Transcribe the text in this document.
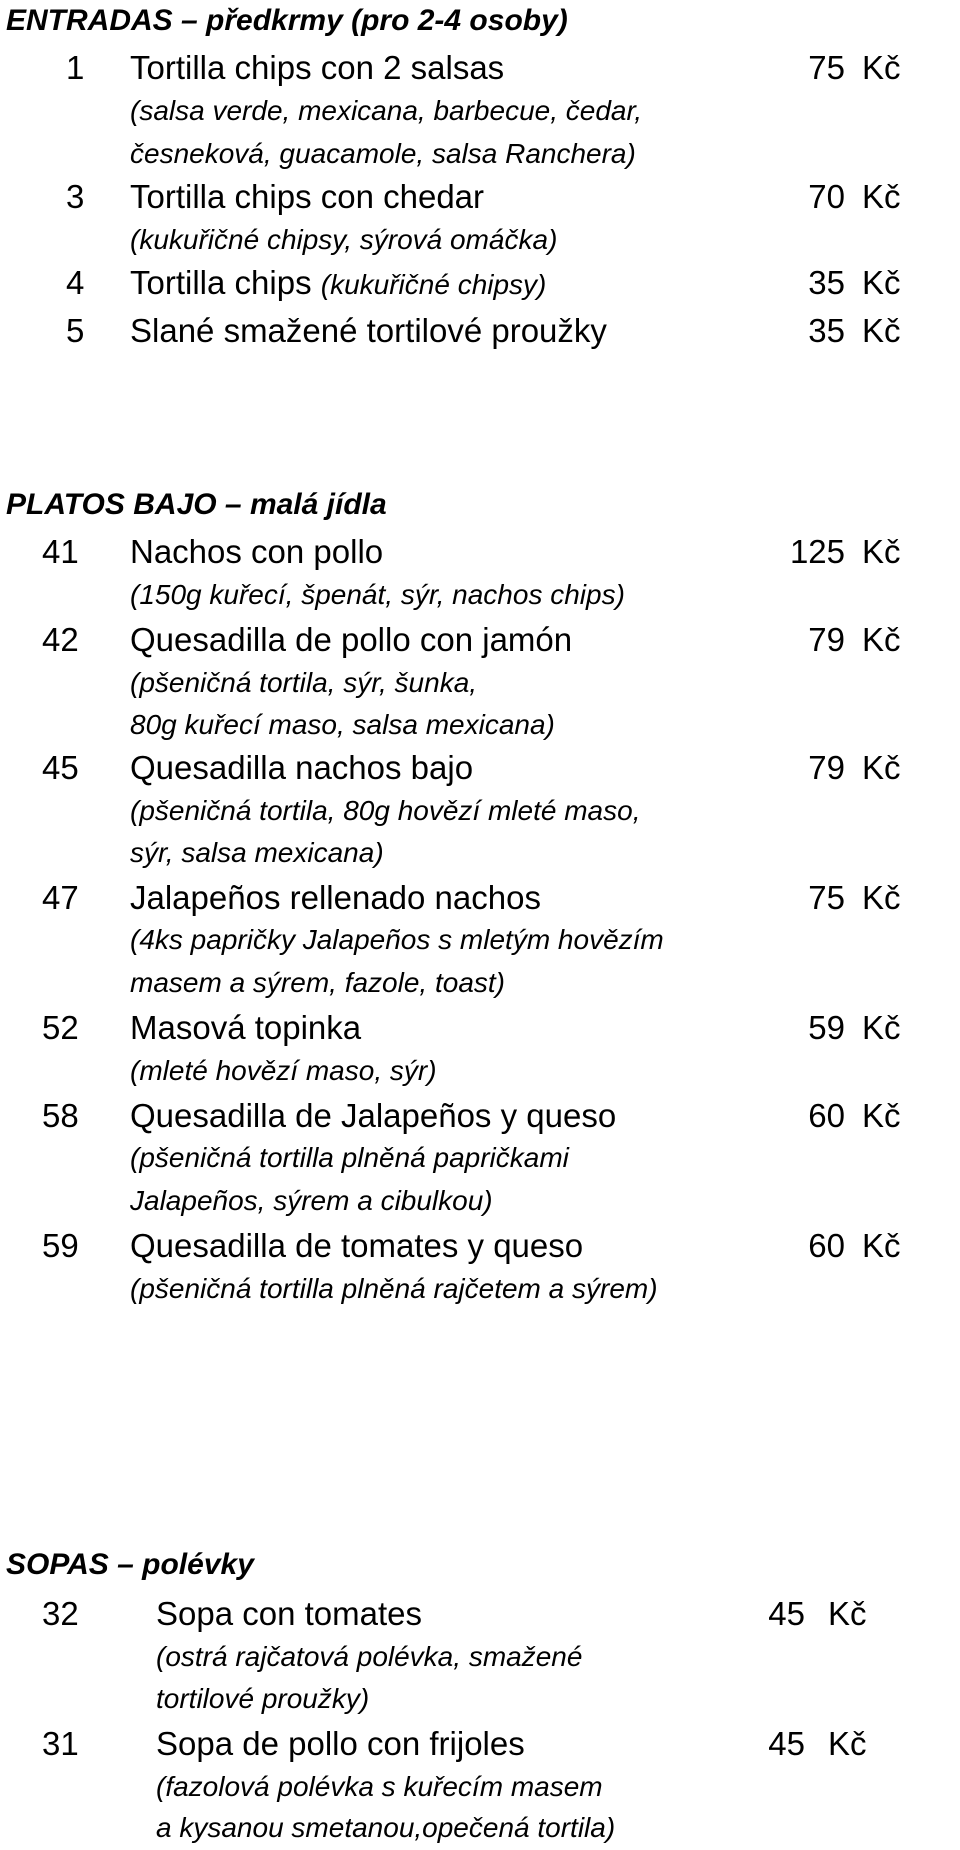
ENTRADAS – předkrmy (pro 2-4 osoby)
1 Tortilla chips con 2 salsas	75 Kč
(salsa verde, mexicana, barbecue, čedar,
česneková, guacamole, salsa Ranchera)
3 Tortilla chips con chedar	70 Kč
(kukuřičné chipsy, sýrová omáčka)
4 Tortilla chips (kukuřičné chipsy)	35 Kč
5 Slané smažené tortilové proužky	35 Kč
PLATOS BAJO – malá jídla
41 Nachos con pollo	125 Kč
(150g kuřecí, špenát, sýr, nachos chips)
42 Quesadilla de pollo con jamón	79 Kč
(pšeničná tortila, sýr, šunka,
80g kuřecí maso, salsa mexicana)
45 Quesadilla nachos bajo	79 Kč
(pšeničná tortila, 80g hovězí mleté maso,
sýr, salsa mexicana)
47 Jalapeños rellenado nachos	75 Kč
(4ks papričky Jalapeños s mletým hovězím
masem a sýrem, fazole, toast)
52 Masová topinka	59 Kč
(mleté hovězí maso, sýr)
58 Quesadilla de Jalapeños y queso	60 Kč
(pšeničná tortilla plněná papričkami
Jalapeños, sýrem a cibulkou)
59 Quesadilla de tomates y queso	60 Kč
(pšeničná tortilla plněná rajčetem a sýrem)
SOPAS – polévky
32 Sopa con tomates	45 Kč
(ostrá rajčatová polévka, smažené
tortilové proužky)
31 Sopa de pollo con frijoles	45 Kč
(fazolová polévka s kuřecím masem
a kysanou smetanou,opečená tortila)
